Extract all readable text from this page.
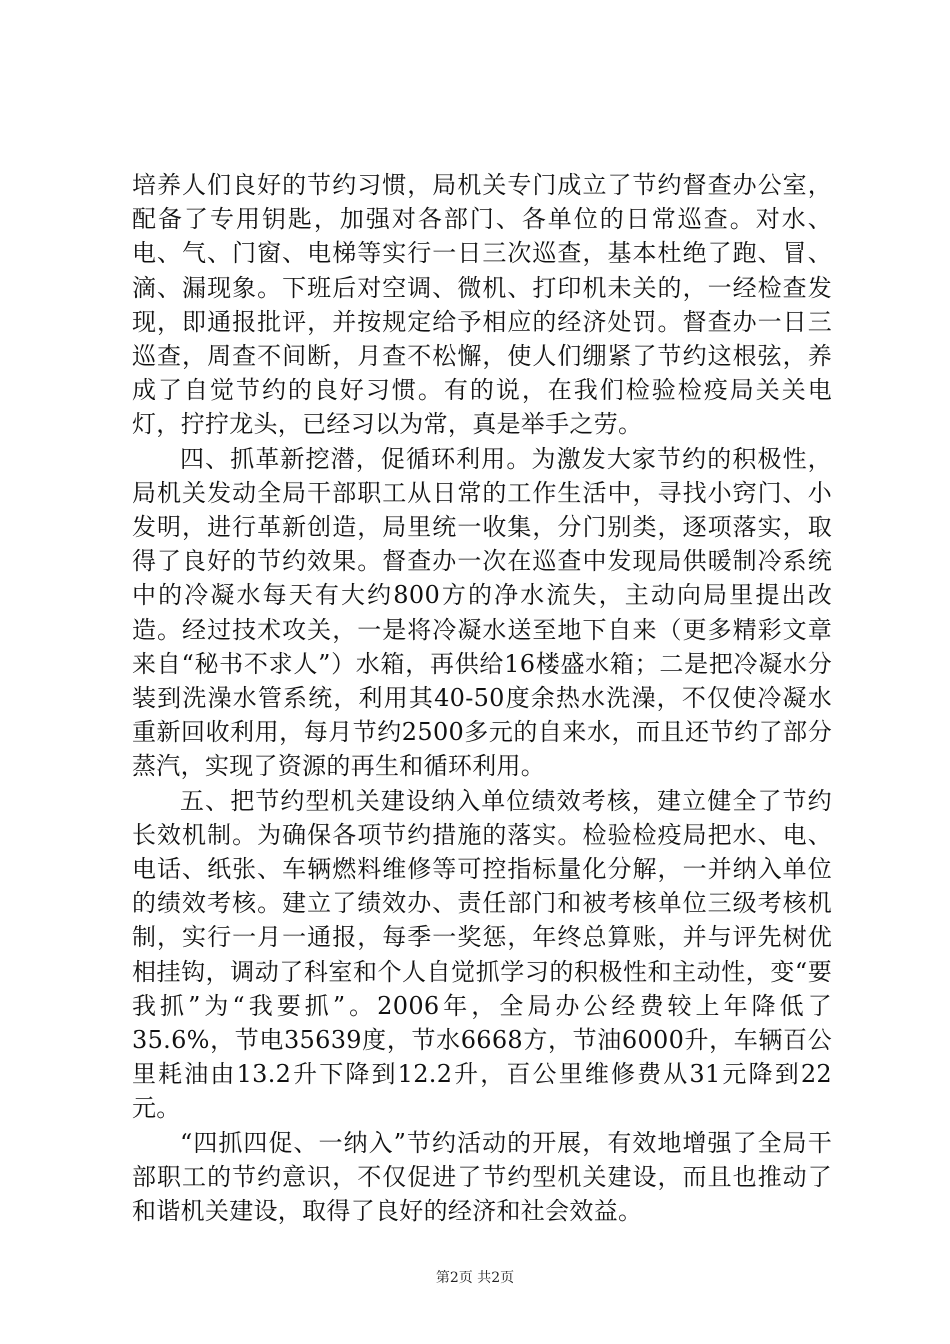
培养人们良好的节约习惯，局机关专门成立了节约督查办公室，配备了专用钥匙，加强对各部门、各单位的日常巡查。对水、电、气、门窗、电梯等实行一日三次巡查，基本杜绝了跑、冒、滴、漏现象。下班后对空调、微机、打印机未关的，一经检查发现，即通报批评，并按规定给予相应的经济处罚。督查办一日三巡查，周查不间断，月查不松懈，使人们绷紧了节约这根弦，养成了自觉节约的良好习惯。有的说，在我们检验检疫局关关电灯，拧拧龙头，已经习以为常，真是举手之劳。

四、抓革新挖潜，促循环利用。为激发大家节约的积极性，局机关发动全局干部职工从日常的工作生活中，寻找小窍门、小发明，进行革新创造，局里统一收集，分门别类，逐项落实，取得了良好的节约效果。督查办一次在巡查中发现局供暖制冷系统中的冷凝水每天有大约800方的净水流失，主动向局里提出改造。经过技术攻关，一是将冷凝水送至地下自来（更多精彩文章来自“秘书不求人”）水箱，再供给16楼盛水箱；二是把冷凝水分装到洗澡水管系统，利用其40-50度余热水洗澡，不仅使冷凝水重新回收利用，每月节约2500多元的自来水，而且还节约了部分蒸汽，实现了资源的再生和循环利用。

五、把节约型机关建设纳入单位绩效考核，建立健全了节约长效机制。为确保各项节约措施的落实。检验检疫局把水、电、电话、纸张、车辆燃料维修等可控指标量化分解，一并纳入单位的绩效考核。建立了绩效办、责任部门和被考核单位三级考核机制，实行一月一通报，每季一奖惩，年终总算账，并与评先树优相挂钩，调动了科室和个人自觉抓学习的积极性和主动性，变“要我抓”为“我要抓”。2006年，全局办公经费较上年降低了35.6%，节电35639度，节水6668方，节油6000升，车辆百公里耗油由13.2升下降到12.2升，百公里维修费从31元降到22元。

“四抓四促、一纳入”节约活动的开展，有效地增强了全局干部职工的节约意识，不仅促进了节约型机关建设，而且也推动了和谐机关建设，取得了良好的经济和社会效益。

第2页 共2页
